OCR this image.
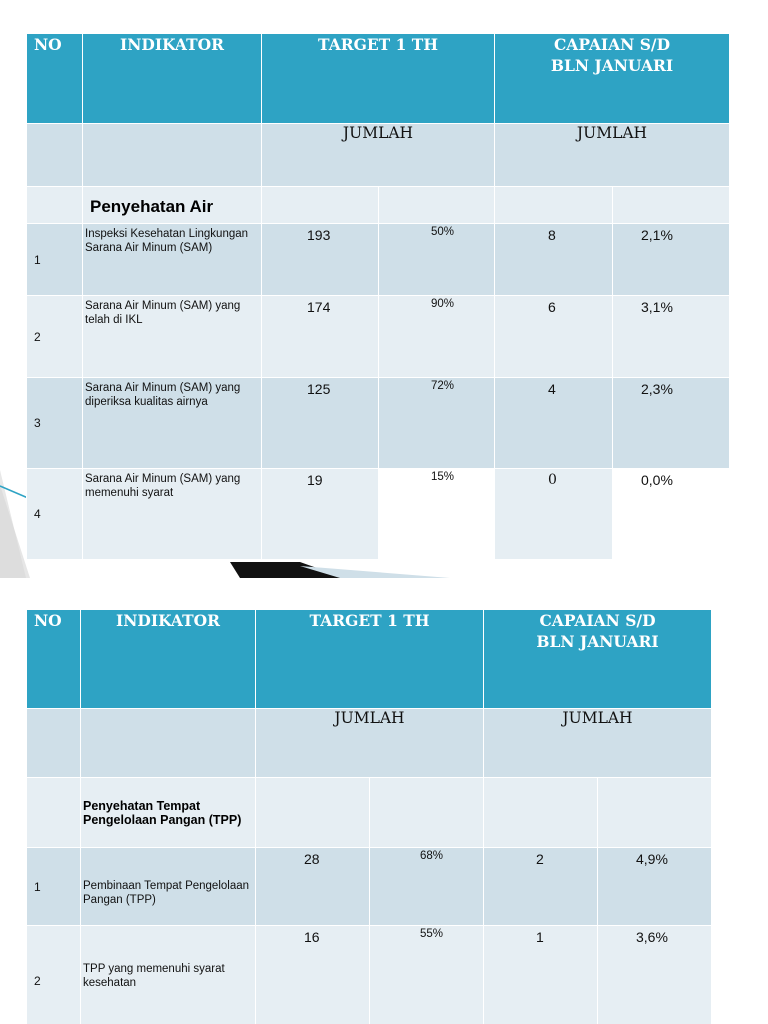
NO	INDIKATOR	TARGET 1 TH		CAPAIAN S/D BLN JANUARI	
		JUMLAH		JUMLAH	
	Penyehatan Air				
1	Inspeksi Kesehatan Lingkungan Sarana Air Minum (SAM)	193	50%	8	2,1%
2	Sarana Air Minum (SAM) yang telah di IKL	174	90%	6	3,1%
3	Sarana Air Minum (SAM) yang diperiksa kualitas airnya	125	72%	4	2,3%
4	Sarana Air Minum (SAM) yang memenuhi syarat	19	15%	0	0,0%
NO	INDIKATOR	TARGET 1 TH		CAPAIAN S/D BLN JANUARI	
		JUMLAH		JUMLAH	
	Penyehatan Tempat Pengelolaan Pangan (TPP)				
1	Pembinaan Tempat Pengelolaan Pangan (TPP)	28	68%	2	4,9%
2	TPP yang memenuhi syarat kesehatan	16	55%	1	3,6%
